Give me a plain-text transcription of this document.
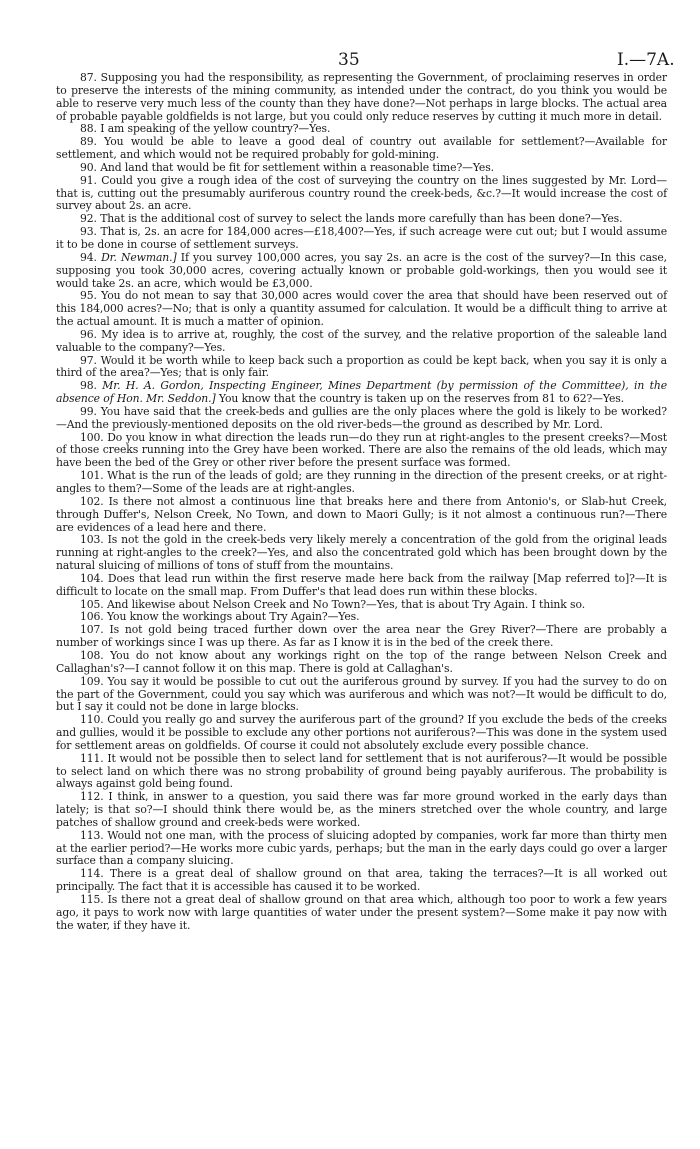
35	I.—7A.

87. Supposing you had the responsibility, as representing the Government, of proclaiming reserves in order to preserve the interests of the mining community, as intended under the contract, do you think you would be able to reserve very much less of the county than they have done?—Not perhaps in large blocks. The actual area of probable payable goldfields is not large, but you could only reduce reserves by cutting it much more in detail.

88. I am speaking of the yellow country?—Yes.

89. You would be able to leave a good deal of country out available for settlement?—Available for settlement, and which would not be required probably for gold-mining.

90. And land that would be fit for settlement within a reasonable time?—Yes.

91. Could you give a rough idea of the cost of surveying the country on the lines suggested by Mr. Lord—that is, cutting out the presumably auriferous country round the creek-beds, &c.?—It would increase the cost of survey about 2s. an acre.

92. That is the additional cost of survey to select the lands more carefully than has been done?—Yes.

93. That is, 2s. an acre for 184,000 acres—£18,400?—Yes, if such acreage were cut out; but I would assume it to be done in course of settlement surveys.

94. Dr. Newman.] If you survey 100,000 acres, you say 2s. an acre is the cost of the survey?—In this case, supposing you took 30,000 acres, covering actually known or probable gold-workings, then you would see it would take 2s. an acre, which would be £3,000.

95. You do not mean to say that 30,000 acres would cover the area that should have been reserved out of this 184,000 acres?—No; that is only a quantity assumed for calculation. It would be a difficult thing to arrive at the actual amount. It is much a matter of opinion.

96. My idea is to arrive at, roughly, the cost of the survey, and the relative proportion of the saleable land valuable to the company?—Yes.

97. Would it be worth while to keep back such a proportion as could be kept back, when you say it is only a third of the area?—Yes; that is only fair.

98. Mr. H. A. Gordon, Inspecting Engineer, Mines Department (by permission of the Committee), in the absence of Hon. Mr. Seddon.] You know that the country is taken up on the reserves from 81 to 62?—Yes.

99. You have said that the creek-beds and gullies are the only places where the gold is likely to be worked?—And the previously-mentioned deposits on the old river-beds—the ground as described by Mr. Lord.

100. Do you know in what direction the leads run—do they run at right-angles to the present creeks?—Most of those creeks running into the Grey have been worked. There are also the remains of the old leads, which may have been the bed of the Grey or other river before the present surface was formed.

101. What is the run of the leads of gold; are they running in the direction of the present creeks, or at right-angles to them?—Some of the leads are at right-angles.

102. Is there not almost a continuous line that breaks here and there from Antonio's, or Slab-hut Creek, through Duffer's, Nelson Creek, No Town, and down to Maori Gully; is it not almost a continuous run?—There are evidences of a lead here and there.

103. Is not the gold in the creek-beds very likely merely a concentration of the gold from the original leads running at right-angles to the creek?—Yes, and also the concentrated gold which has been brought down by the natural sluicing of millions of tons of stuff from the mountains.

104. Does that lead run within the first reserve made here back from the railway [Map referred to]?—It is difficult to locate on the small map. From Duffer's that lead does run within these blocks.

105. And likewise about Nelson Creek and No Town?—Yes, that is about Try Again. I think so.

106. You know the workings about Try Again?—Yes.

107. Is not gold being traced further down over the area near the Grey River?—There are probably a number of workings since I was up there. As far as I know it is in the bed of the creek there.

108. You do not know about any workings right on the top of the range between Nelson Creek and Callaghan's?—I cannot follow it on this map. There is gold at Callaghan's.

109. You say it would be possible to cut out the auriferous ground by survey. If you had the survey to do on the part of the Government, could you say which was auriferous and which was not?—It would be difficult to do, but I say it could not be done in large blocks.

110. Could you really go and survey the auriferous part of the ground? If you exclude the beds of the creeks and gullies, would it be possible to exclude any other portions not auriferous?—This was done in the system used for settlement areas on goldfields. Of course it could not absolutely exclude every possible chance.

111. It would not be possible then to select land for settlement that is not auriferous?—It would be possible to select land on which there was no strong probability of ground being payably auriferous. The probability is always against gold being found.

112. I think, in answer to a question, you said there was far more ground worked in the early days than lately; is that so?—I should think there would be, as the miners stretched over the whole country, and large patches of shallow ground and creek-beds were worked.

113. Would not one man, with the process of sluicing adopted by companies, work far more than thirty men at the earlier period?—He works more cubic yards, perhaps; but the man in the early days could go over a larger surface than a company sluicing.

114. There is a great deal of shallow ground on that area, taking the terraces?—It is all worked out principally. The fact that it is accessible has caused it to be worked.

115. Is there not a great deal of shallow ground on that area which, although too poor to work a few years ago, it pays to work now with large quantities of water under the present system?—Some make it pay now with the water, if they have it.
